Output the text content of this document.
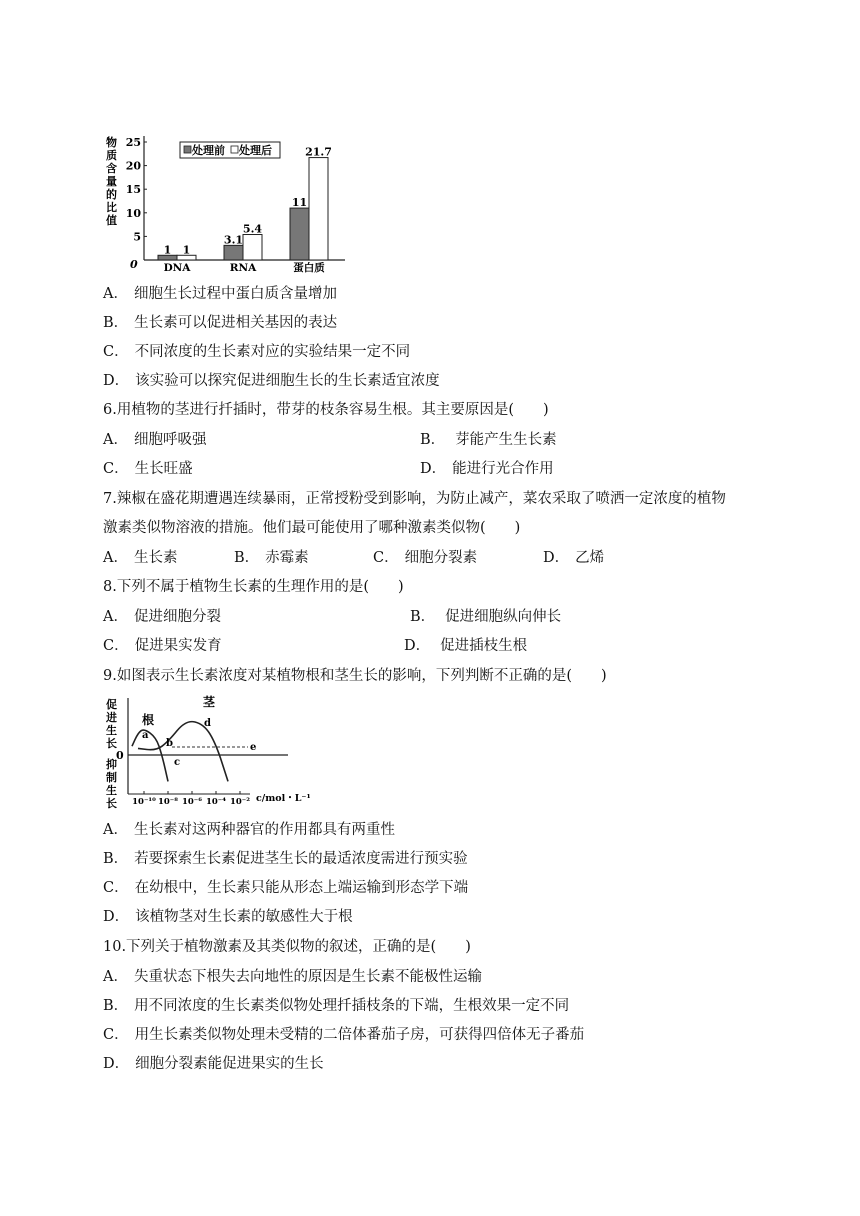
物质含量的比值
0
5
10
15
20
25
1 1
3.1
5.4
11
21.7
DNA	RNA	蛋白质
处理前 处理后
A． 细胞生长过程中蛋白质含量增加
B． 生长素可以促进相关基因的表达
C． 不同浓度的生长素对应的实验结果一定不同
D． 该实验可以探究促进细胞生长的生长素适宜浓度
6.用植物的茎进行扦插时，带芽的枝条容易生根。其主要原因是(　　)
A． 细胞呼吸强	B． 芽能产生生长素
C． 生长旺盛	D． 能进行光合作用
7.辣椒在盛花期遭遇连续暴雨，正常授粉受到影响，为防止减产，菜农采取了喷洒一定浓度的植物
激素类似物溶液的措施。他们最可能使用了哪种激素类似物(　　)
A． 生长素	B． 赤霉素	C． 细胞分裂素	D． 乙烯
8.下列不属于植物生长素的生理作用的是(　　)
A． 促进细胞分裂	B． 促进细胞纵向伸长
C． 促进果实发育	D． 促进插枝生根
9.如图表示生长素浓度对某植物根和茎生长的影响，下列判断不正确的是(　　)
促进生长
抑制生长
0
10⁻¹⁰ 10⁻⁸ 10⁻⁶ 10⁻⁴ 10⁻² c/mol・L⁻¹
a
b
c
d
e
根
茎
A． 生长素对这两种器官的作用都具有两重性
B． 若要探索生长素促进茎生长的最适浓度需进行预实验
C． 在幼根中，生长素只能从形态上端运输到形态学下端
D． 该植物茎对生长素的敏感性大于根
10.下列关于植物激素及其类似物的叙述，正确的是(　　)
A． 失重状态下根失去向地性的原因是生长素不能极性运输
B． 用不同浓度的生长素类似物处理扦插枝条的下端，生根效果一定不同
C． 用生长素类似物处理未受精的二倍体番茄子房，可获得四倍体无子番茄
D． 细胞分裂素能促进果实的生长
